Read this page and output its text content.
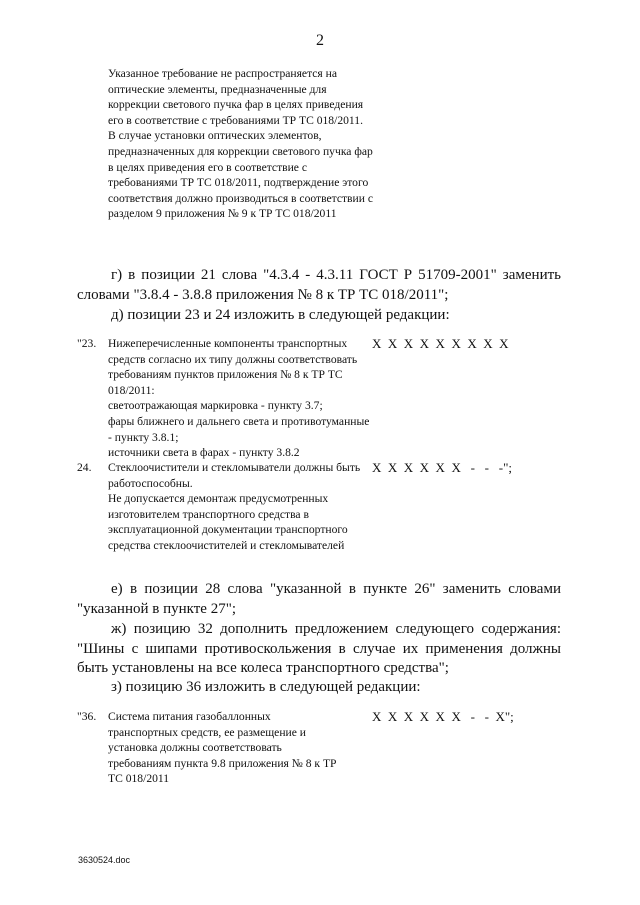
2

Указанное требование не распространяется на оптические элементы, предназначенные для коррекции светового пучка фар в целях приведения его в соответствие с требованиями ТР ТС 018/2011.

В случае установки оптических элементов, предназначенных для коррекции светового пучка фар в целях приведения его в соответствие с требованиями ТР ТС 018/2011, подтверждение этого соответствия должно производиться в соответствии с разделом 9 приложения № 9 к ТР ТС 018/2011

г) в позиции 21 слова "4.3.4 - 4.3.11 ГОСТ Р 51709-2001" заменить словами "3.8.4 - 3.8.8 приложения № 8 к ТР ТС 018/2011";
д) позиции 23 и 24 изложить в следующей редакции:
"23. Нижеперечисленные компоненты транспортных средств согласно их типу должны соответствовать требованиям пунктов приложения № 8 к ТР ТС 018/2011:

светоотражающая маркировка - пункту 3.7;

фары ближнего и дальнего света и противотуманные - пункту 3.8.1;

источники света в фарах - пункту 3.8.2

X  X  X  X  X  X  X  X  X
24. Стеклоочистители и стекломыватели должны быть работоспособны.

Не допускается демонтаж предусмотренных изготовителем транспортного средства в эксплуатационной документации транспортного средства стеклоочистителей и стекломывателей

X  X  X  X  X  X   -   -   -";
е) в позиции 28 слова "указанной в пункте 26" заменить словами "указанной в пункте 27";
ж) позицию 32 дополнить предложением следующего содержания: "Шины с шипами противоскольжения в случае их применения должны быть установлены на все колеса транспортного средства";
з) позицию 36 изложить в следующей редакции:
"36. Система питания газобаллонных транспортных средств, ее размещение и установка должны соответствовать требованиям пункта 9.8 приложения № 8 к ТР ТС 018/2011

X  X  X  X  X  X   -   -  X";
3630524.doc
